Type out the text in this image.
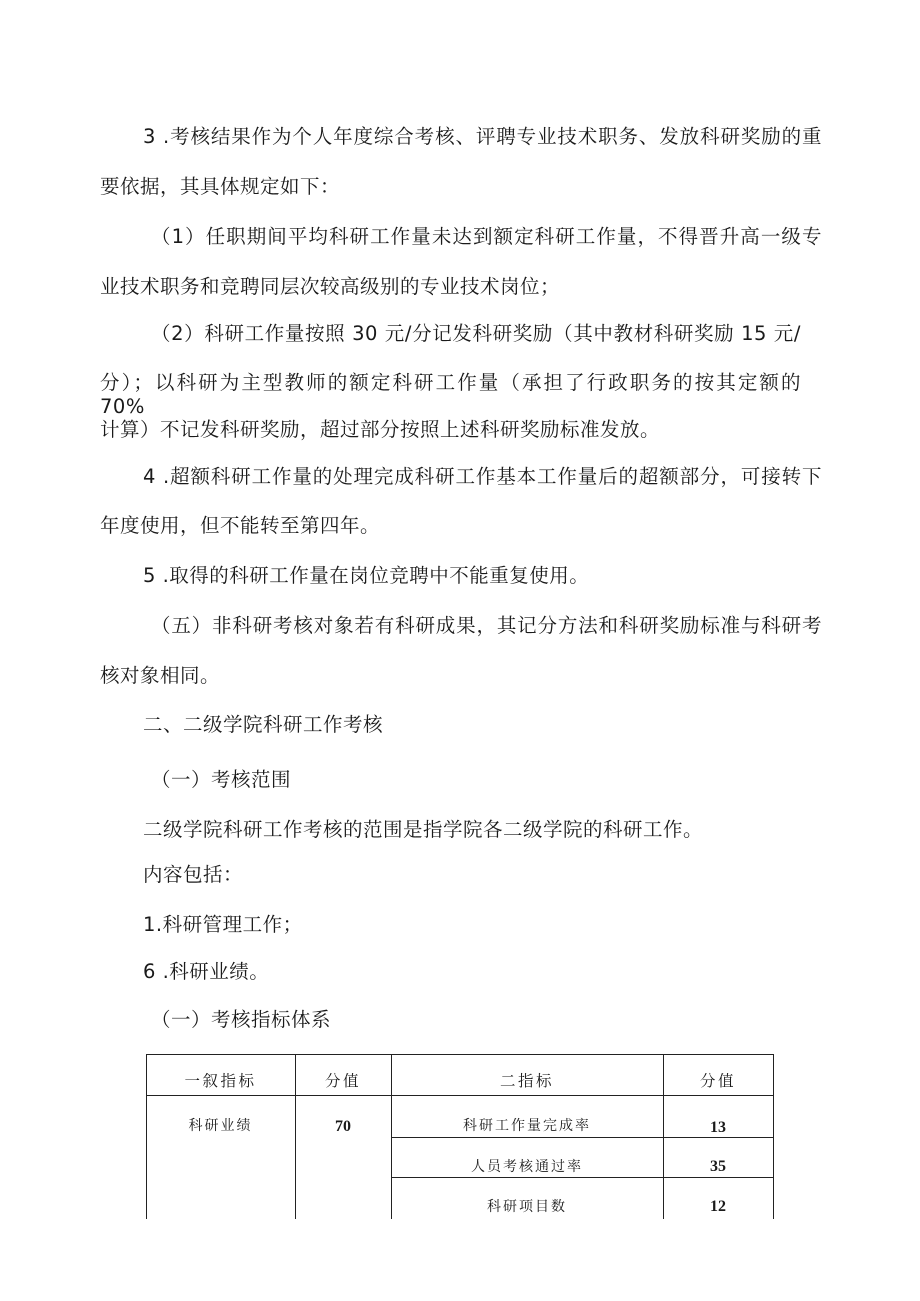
3 .考核结果作为个人年度综合考核、评聘专业技术职务、发放科研奖励的重
要依据，其具体规定如下：
（1）任职期间平均科研工作量未达到额定科研工作量，不得晋升高一级专
业技术职务和竞聘同层次较高级别的专业技术岗位；
（2）科研工作量按照 30 元/分记发科研奖励（其中教材科研奖励 15 元/
分）；以科研为主型教师的额定科研工作量（承担了行政职务的按其定额的 70%
计算）不记发科研奖励，超过部分按照上述科研奖励标准发放。
4 .超额科研工作量的处理完成科研工作基本工作量后的超额部分，可接转下
年度使用，但不能转至第四年。
5 .取得的科研工作量在岗位竞聘中不能重复使用。
（五）非科研考核对象若有科研成果，其记分方法和科研奖励标准与科研考
核对象相同。
二、二级学院科研工作考核
（一）考核范围
二级学院科研工作考核的范围是指学院各二级学院的科研工作。
内容包括：
1.科研管理工作；
6 .科研业绩。
（一）考核指标体系
一叙指标	分值	二指标	分值
科研业绩	70	科研工作量完成率	13
人员考核通过率	35
科研项目数	12
